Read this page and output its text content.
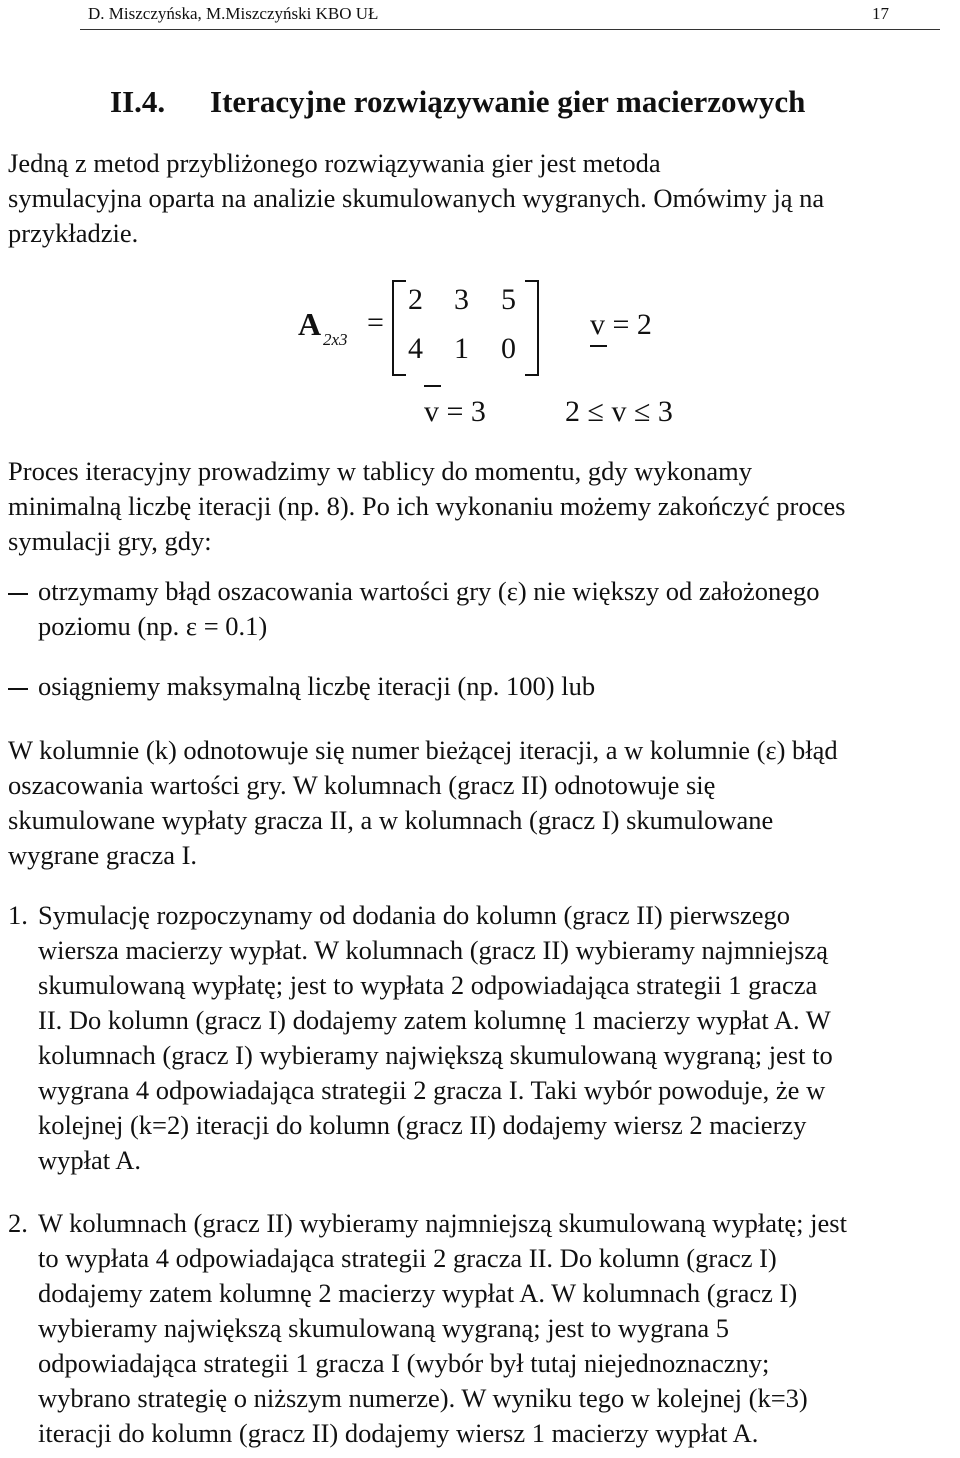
D. Miszczyńska, M.Miszczyński KBO UŁ	17
II.4. Iteracyjne rozwiązywanie gier macierzowych
Jedną z metod przybliżonego rozwiązywania gier jest metoda
symulacyjna oparta na analizie skumulowanych wygranych. Omówimy ją na
przykładzie.
A 2x3
=
2 3 5
4 1 0
v = 2
v = 3	2 ≤ v ≤ 3
Proces iteracyjny prowadzimy w tablicy do momentu, gdy wykonamy
minimalną liczbę iteracji (np. 8). Po ich wykonaniu możemy zakończyć proces
symulacji gry, gdy:
otrzymamy błąd oszacowania wartości gry (ε) nie większy od założonego
poziomu (np. ε = 0.1)
osiągniemy maksymalną liczbę iteracji (np. 100) lub
W kolumnie (k) odnotowuje się numer bieżącej iteracji, a w kolumnie (ε) błąd
oszacowania wartości gry. W kolumnach (gracz II) odnotowuje się
skumulowane wypłaty gracza II, a w kolumnach (gracz I) skumulowane
wygrane gracza I.
1. Symulację rozpoczynamy od dodania do kolumn (gracz II) pierwszego
wiersza macierzy wypłat. W kolumnach (gracz II) wybieramy najmniejszą
skumulowaną wypłatę; jest to wypłata 2 odpowiadająca strategii 1 gracza
II. Do kolumn (gracz I) dodajemy zatem kolumnę 1 macierzy wypłat A. W
kolumnach (gracz I) wybieramy największą skumulowaną wygraną; jest to
wygrana 4 odpowiadająca strategii 2 gracza I. Taki wybór powoduje, że w
kolejnej (k=2) iteracji do kolumn (gracz II) dodajemy wiersz 2 macierzy
wypłat A.
2. W kolumnach (gracz II) wybieramy najmniejszą skumulowaną wypłatę; jest
to wypłata 4 odpowiadająca strategii 2 gracza II. Do kolumn (gracz I)
dodajemy zatem kolumnę 2 macierzy wypłat A. W kolumnach (gracz I)
wybieramy największą skumulowaną wygraną; jest to wygrana 5
odpowiadająca strategii 1 gracza I (wybór był tutaj niejednoznaczny;
wybrano strategię o niższym numerze). W wyniku tego w kolejnej (k=3)
iteracji do kolumn (gracz II) dodajemy wiersz 1 macierzy wypłat A.
